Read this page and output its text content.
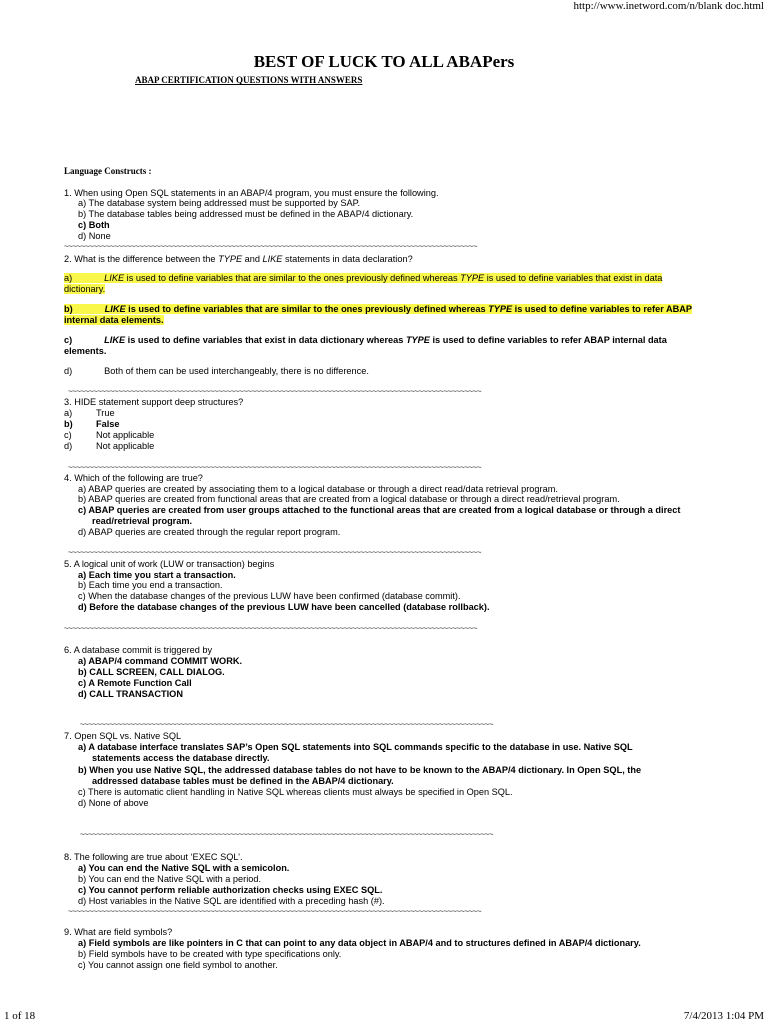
http://www.inetword.com/n/blank doc.html
BEST OF LUCK TO ALL ABAPers
ABAP CERTIFICATION QUESTIONS WITH ANSWERS
Language Constructs :
1. When using Open SQL statements in an ABAP/4 program, you must ensure the following.
a) The database system being addressed must be supported by SAP.
b) The database tables being addressed must be defined in the ABAP/4 dictionary.
c) Both
d) None
~~~~~~~~~~~~~~~~~~~~~~~~~~~~~~~~~~~~~~~~~~~~~~~~~~~~~~~~~~~~~~~~~~~~~~~~~~~~~~~~~~~~~~~~~~~~~~~~~~~
2. What is the difference between the TYPE and LIKE statements in data declaration?
a)	LIKE is used to define variables that are similar to the ones previously defined whereas TYPE is used to define variables that exist in data dictionary.
b)	LIKE is used to define variables that are similar to the ones previously defined whereas TYPE is used to define variables to refer ABAP internal data elements.
c)	LIKE is used to define variables that exist in data dictionary whereas TYPE is used to define variables to refer ABAP internal data elements.
d)	Both of them can be used interchangeably, there is no difference.
~~~~~~~~~~~~~~~~~~~~~~~~~~~~~~~~~~~~~~~~~~~~~~~~~~~~~~~~~~~~~~~~~~~~~~~~~~~~~~~~~~~~~~~~~~~~~~~~~~~
3. HIDE statement support deep structures?
a)	True
b)	False
c)	Not applicable
d)	Not applicable
~~~~~~~~~~~~~~~~~~~~~~~~~~~~~~~~~~~~~~~~~~~~~~~~~~~~~~~~~~~~~~~~~~~~~~~~~~~~~~~~~~~~~~~~~~~~~~~~~~~
4. Which of the following are true?
a) ABAP queries are created by associating them to a logical database or through a direct read/data retrieval program.
b) ABAP queries are created from functional areas that are created from a logical database or through a direct read/retrieval program.
c) ABAP queries are created from user groups attached to the functional areas that are created from a logical database or through a direct
read/retrieval program.
d) ABAP queries are created through the regular report program.
~~~~~~~~~~~~~~~~~~~~~~~~~~~~~~~~~~~~~~~~~~~~~~~~~~~~~~~~~~~~~~~~~~~~~~~~~~~~~~~~~~~~~~~~~~~~~~~~~~~
5. A logical unit of work (LUW or transaction) begins
a) Each time you start a transaction.
b) Each time you end a transaction.
c) When the database changes of the previous LUW have been confirmed (database commit).
d) Before the database changes of the previous LUW have been cancelled (database rollback).
~~~~~~~~~~~~~~~~~~~~~~~~~~~~~~~~~~~~~~~~~~~~~~~~~~~~~~~~~~~~~~~~~~~~~~~~~~~~~~~~~~~~~~~~~~~~~~~~~~~
6. A database commit is triggered by
a) ABAP/4 command COMMIT WORK.
b) CALL SCREEN, CALL DIALOG.
c) A Remote Function Call
d) CALL TRANSACTION
~~~~~~~~~~~~~~~~~~~~~~~~~~~~~~~~~~~~~~~~~~~~~~~~~~~~~~~~~~~~~~~~~~~~~~~~~~~~~~~~~~~~~~~~~~~~~~~~~~~
7. Open SQL vs. Native SQL
a) A database interface translates SAP’s Open SQL statements into SQL commands specific to the database in use. Native SQL
statements access the database directly.
b) When you use Native SQL, the addressed database tables do not have to be known to the ABAP/4 dictionary. In Open SQL, the
addressed database tables must be defined in the ABAP/4 dictionary.
c) There is automatic client handling in Native SQL whereas clients must always be specified in Open SQL.
d) None of above
~~~~~~~~~~~~~~~~~~~~~~~~~~~~~~~~~~~~~~~~~~~~~~~~~~~~~~~~~~~~~~~~~~~~~~~~~~~~~~~~~~~~~~~~~~~~~~~~~~~
8. The following are true about ‘EXEC SQL’.
a) You can end the Native SQL with a semicolon.
b) You can end the Native SQL with a period.
c) You cannot perform reliable authorization checks using EXEC SQL.
d) Host variables in the Native SQL are identified with a preceding hash (#).
~~~~~~~~~~~~~~~~~~~~~~~~~~~~~~~~~~~~~~~~~~~~~~~~~~~~~~~~~~~~~~~~~~~~~~~~~~~~~~~~~~~~~~~~~~~~~~~~~~~
9. What are field symbols?
a) Field symbols are like pointers in C that can point to any data object in ABAP/4 and to structures defined in ABAP/4 dictionary.
b) Field symbols have to be created with type specifications only.
c) You cannot assign one field symbol to another.
1 of 18	7/4/2013 1:04 PM
